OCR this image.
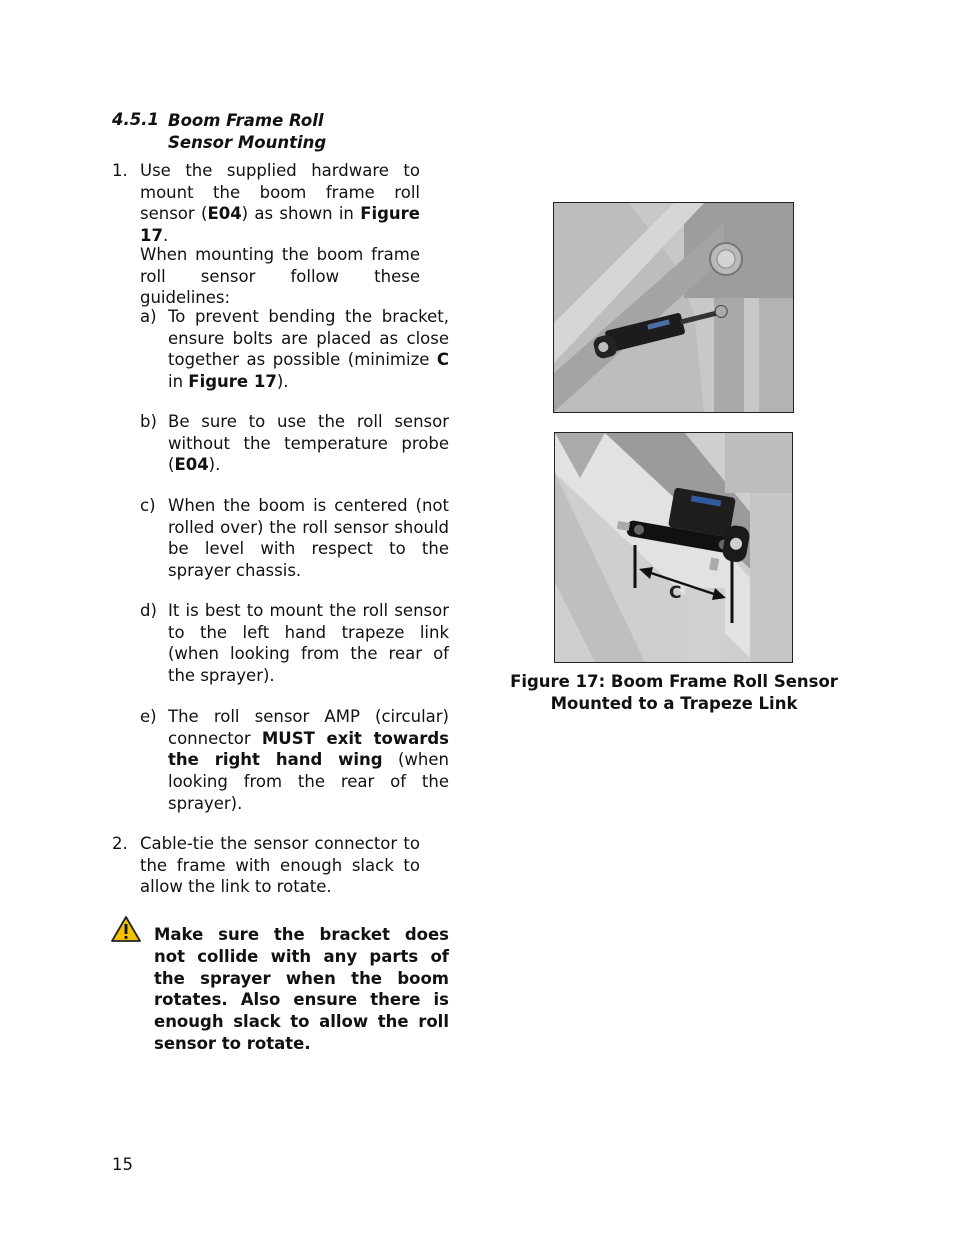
4.5.1 Boom Frame Roll Sensor Mounting
1. Use the supplied hardware to mount the boom frame roll sensor (E04) as shown in Figure 17.
When mounting the boom frame roll sensor follow these guidelines:
a) To prevent bending the bracket, ensure bolts are placed as close together as possible (minimize C in Figure 17).
b) Be sure to use the roll sensor without the temperature probe (E04).
c) When the boom is centered (not rolled over) the roll sensor should be level with respect to the sprayer chassis.
d) It is best to mount the roll sensor to the left hand trapeze link (when looking from the rear of the sprayer).
e) The roll sensor AMP (circular) connector MUST exit towards the right hand wing (when looking from the rear of the sprayer).
2. Cable-tie the sensor connector to the frame with enough slack to allow the link to rotate.
Make sure the bracket does not collide with any parts of the sprayer when the boom rotates. Also ensure there is enough slack to allow the roll sensor to rotate.
C
Figure 17: Boom Frame Roll Sensor
Mounted to a Trapeze Link
15
